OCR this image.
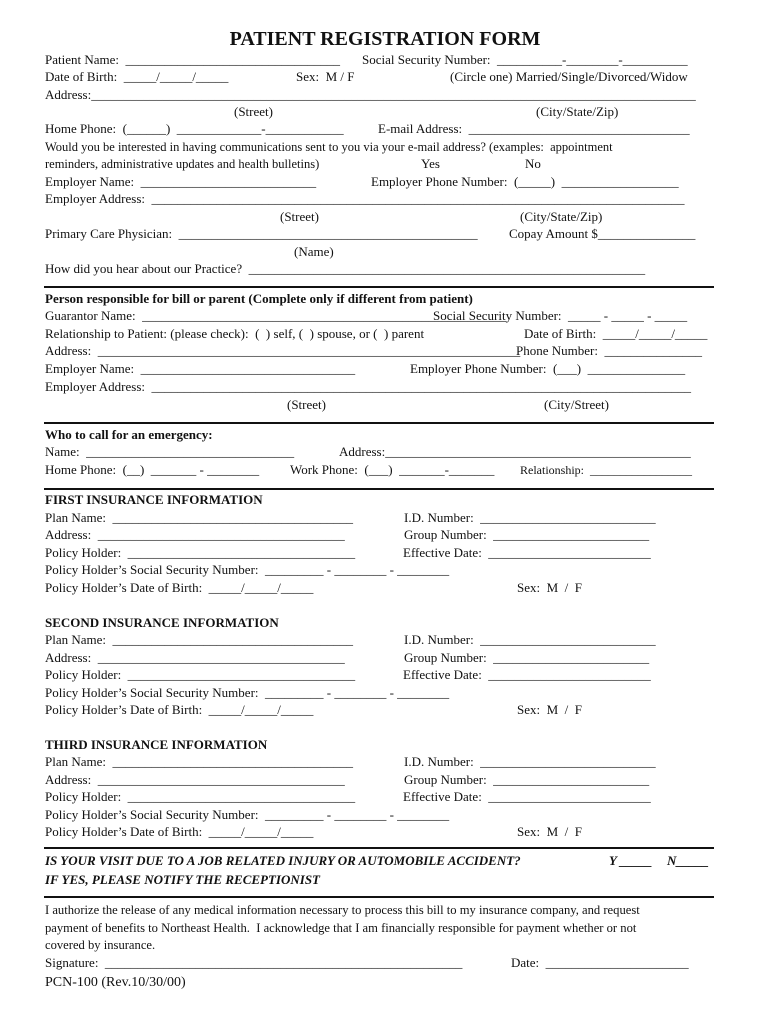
PATIENT REGISTRATION FORM
Patient Name:  _________________________________ Social Security Number:  __________-________-__________
Date of Birth:  _____/_____/_____	Sex:  M / F	(Circle one) Married/Single/Divorced/Widow
Address:_____________________________________________________________________________________________
(Street)	(City/State/Zip)
Home Phone:  (______)  _____________-____________	E-mail Address:  __________________________________
Would you be interested in having communications sent to you via your e-mail address? (examples:  appointment
reminders, administrative updates and health bulletins)	Yes	No
Employer Name:  ___________________________	Employer Phone Number:  (_____)  __________________
Employer Address:  __________________________________________________________________________________
(Street)	(City/State/Zip)
Primary Care Physician:  ______________________________________________ Copay Amount $_______________
(Name)
How did you hear about our Practice?  _____________________________________________________________
Person responsible for bill or parent (Complete only if different from patient)
Guarantor Name:  ________________________________________________________
Social Security Number:  _____ - _____ - _____
Relationship to Patient: (please check):  (  ) self, (  ) spouse, or (  ) parent	Date of Birth:  _____/_____/_____
Address:  _________________________________________________________________
Phone Number:  _______________
Employer Name:  _________________________________	Employer Phone Number:  (___)  _______________
Employer Address:  ___________________________________________________________________________________
(Street)	(City/Street)
Who to call for an emergency:
Name:  ________________________________	Address:_______________________________________________
Home Phone:  (__)  _______ - ________ Work Phone:  (___)  _______-_______ Relationship:  _________________
FIRST INSURANCE INFORMATION
Plan Name:  _____________________________________	I.D. Number:  ___________________________
Address:  ______________________________________	Group Number:  ________________________
Policy Holder:  ___________________________________	Effective Date:  _________________________
Policy Holder’s Social Security Number:  _________ - ________ - ________
Policy Holder’s Date of Birth:  _____/_____/_____	Sex:  M  /  F
SECOND INSURANCE INFORMATION
Plan Name:  _____________________________________	I.D. Number:  ___________________________
Address:  ______________________________________	Group Number:  ________________________
Policy Holder:  ___________________________________	Effective Date:  _________________________
Policy Holder’s Social Security Number:  _________ - ________ - ________
Policy Holder’s Date of Birth:  _____/_____/_____	Sex:  M  /  F
THIRD INSURANCE INFORMATION
Plan Name:  _____________________________________	I.D. Number:  ___________________________
Address:  ______________________________________	Group Number:  ________________________
Policy Holder:  ___________________________________	Effective Date:  _________________________
Policy Holder’s Social Security Number:  _________ - ________ - ________
Policy Holder’s Date of Birth:  _____/_____/_____	Sex:  M  /  F
IS YOUR VISIT DUE TO A JOB RELATED INJURY OR AUTOMOBILE ACCIDENT?	Y _____ N_____
IF YES, PLEASE NOTIFY THE RECEPTIONIST
I authorize the release of any medical information necessary to process this bill to my insurance company, and request
payment of benefits to Northeast Health.  I acknowledge that I am financially responsible for payment whether or not
covered by insurance.
Signature:  _______________________________________________________	Date:  ______________________
PCN-100 (Rev.10/30/00)
